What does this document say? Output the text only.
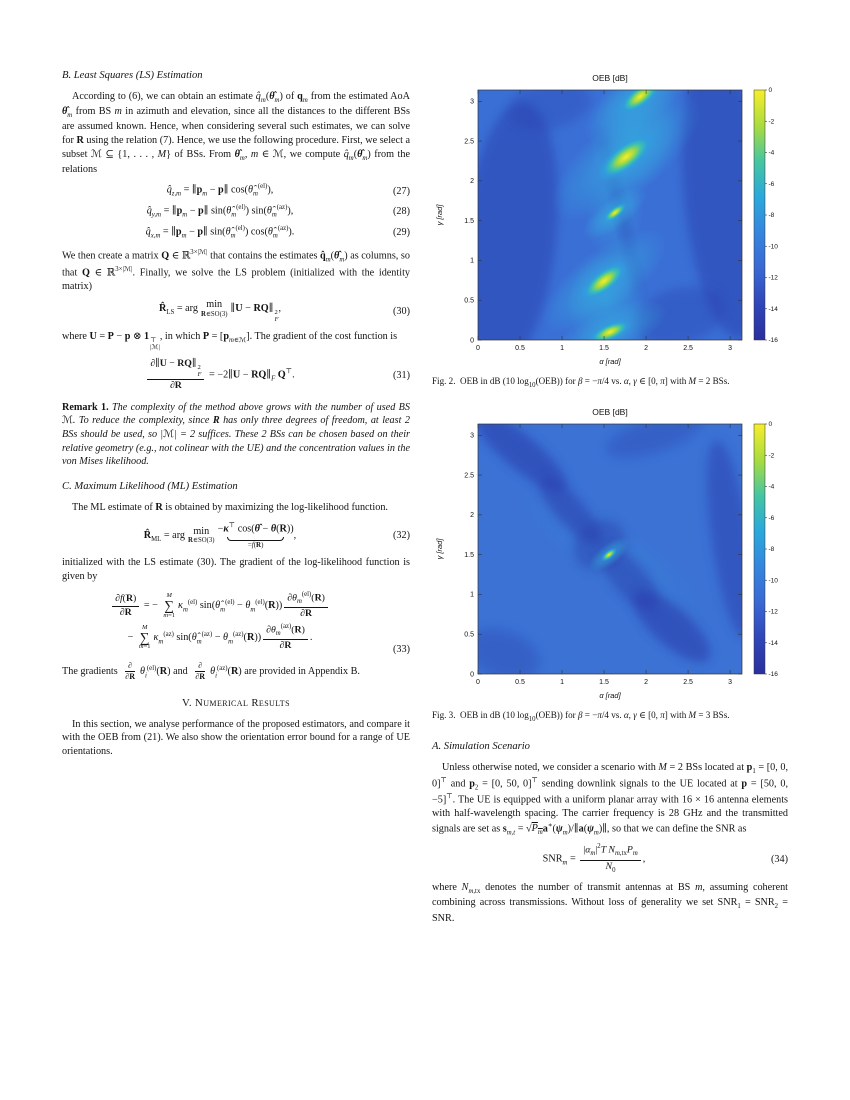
B. Least Squares (LS) Estimation

According to (6), we can obtain an estimate $q̂_m(\thetâ_m)$ of $q_m$ from the estimated AoA $\thetâ_m$ from BS m in azimuth and elevation, since all the distances to the different BSs are assumed known. Hence, when considering several such estimates, we can solve for R using the relation (7). Hence, we use the following procedure. First, we select a subset ℳ ⊆ {1, . . . , M} of BSs. From $\thetâ_m$, m ∈ ℳ, we compute $q̂_m(\thetâ_m)$ from the relations

$q̂_{z,m}$ = $\parallel p_m$ − p∥ $\cos(\thetâ_m^{(el)})$,	(27)
$q̂_{y,m}$ = $\parallel p_m$ − p∥ $\sin(\thetâ_m^{(el)})$ $\sin(\thetâ_m^{(az)})$,	(28)
$q̂_{x,m}$ = $\parallel p_m$ − p∥ $\sin(\thetâ_m^{(el)})$ $\cos(\thetâ_m^{(az)})$.	(29)

We then create a matrix Q ∈ ℝ$^{3\times|ℳ|}$ that contains the estimates $q̂_m(\thetâ_m)$ as columns, so that Q ∈ ℝ$^{3\times|ℳ|}$. Finally, we solve the LS problem (initialized with the identity matrix)

$R̂_{LS}$ = arg min
R∈SO(3) ∥U − RQ∥ 2
F
,	(30)

where U = P − p ⊗ 1 ⊤
|ℳ|
, in which $P = [p_{m\in ℳ}]$. The gradient of the cost function is

∂∥U − RQ∥ 2
F
∂R = −2∥U − $RQ\parallel_F$ Q⊤.	(31)

Remark 1. The complexity of the method above grows with the number of used BS ℳ. To reduce the complexity, since R has only three degrees of freedom, at least 2 BSs should be used, so |ℳ| = 2 suffices. These 2 BSs can be chosen based on their relative geometry (e.g., not colinear with the UE) and the concentration values in the von Mises likelihood.

C. Maximum Likelihood (ML) Estimation

The ML estimate of R is obtained by maximizing the log-likelihood function.

$R̂_{ML}$ = arg min
R∈SO(3)
−κ⊤ cos(θ̂ − θ(R))
=f(R)
,	(32)

initialized with the LS estimate (30). The gradient of the log-likelihood function is given by

$\frac{\partial f(R)}{\partial R}$ = −
M
∑
m=1
$\kappa_m^{(el)}$ $\sin(\thetâ_m^{(el)} - \theta_m^{(el)}(R)) \frac{\partial\theta_m^{(el)}(R)}{\partial R}$
−
M
∑
m=1
$\kappa_m^{(az)}$ $\sin(\thetâ_m^{(az)} - \theta_m^{(az)}(R)) \frac{\partial\theta_m^{(az)}(R)}{\partial R}$ .
(33)

The gradients $\frac{\partial}{\partial R} \theta_i^{(el)}(R)$ and $\frac{\partial}{\partial R} \theta_i^{(az)}(R)$ are provided in Appendix B.

V. Numerical Results

In this section, we analyse performance of the proposed estimators, and compare it with the OEB from (21). We also show the orientation error bound for a range of UE orientations.

0	0.5	1	1.5	2	2.5	3
0
0.5
1
1.5
2
2.5
3
OEB [dB]
α [rad]
γ [rad]
0
-2
-4
-6
-8
-10
-12
-14
-16

Fig. 2. OEB in dB (10 $\log_{10}(OEB)$) for β = −π/4 vs. α, γ ∈ [0, π] with M = 2 BSs.

0	0.5	1	1.5	2	2.5	3
0
0.5
1
1.5
2
2.5
3
OEB [dB]
α [rad]
γ [rad]
0
-2
-4
-6
-8
-10
-12
-14
-16

Fig. 3. OEB in dB (10 $\log_{10}(OEB)$) for β = −π/4 vs. α, γ ∈ [0, π] with M = 3 BSs.

A. Simulation Scenario

Unless otherwise noted, we consider a scenario with M = 2 BSs located at $p_1 = [0$, 0, 0]⊤ and $p_2 = [0$, 50, 0]⊤ sending downlink signals to the UE located at p = [50, 0, −5]⊤. The UE is equipped with a uniform planar array with 16 × 16 antenna elements with half-wavelength spacing. The carrier frequency is 28 GHz and the transmitted signals are set as $s_{m,t}$ = $√P_ma^∗(\psi_m)/\parallel a(\psi_m)\parallel$, so that we can define the SNR as

$SNR_m = \frac{|\alpha_m|^2T N_{m,tx}P_m}{N_0}$ ,	(34)

where $N_{m,tx}$ denotes the number of transmit antennas at BS m, assuming coherent combining across transmissions. Without loss of generality we set $SNR_1 = SNR_2$ = SNR.
